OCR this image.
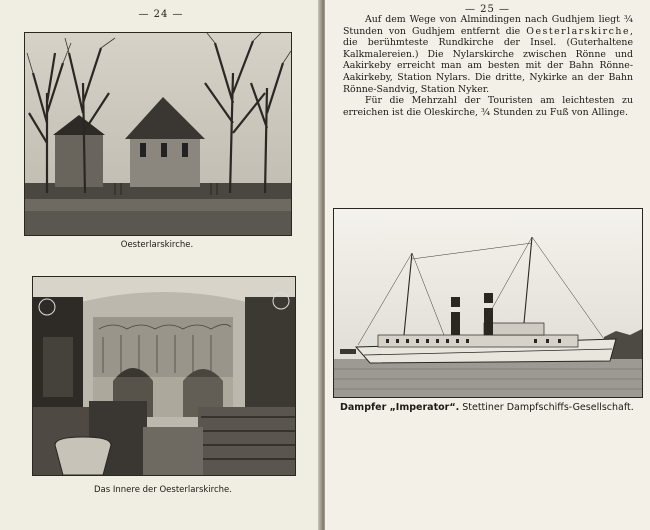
— 24 —
Oesterlarskirche.
Das Innere der Oesterlarskirche.
— 25 —

Auf dem Wege von Almindingen nach Gudhjem liegt ¾ Stunden von Gudhjem entfernt die Oesterlarskirche, die berühmteste Rundkirche der Insel. (Guterhaltene Kalkmalereien.) Die Nylarskirche zwischen Rönne und Aakirkeby erreicht man am besten mit der Bahn Rönne-Aakirkeby, Station Nylars. Die dritte, Nykirke an der Bahn Rönne-Sandvig, Station Nyker.

Für die Mehrzahl der Touristen am leichtesten zu erreichen ist die Oleskirche, ¾ Stunden zu Fuß von Allinge.

Dampfer „Imperator“. Stettiner Dampfschiffs-Gesellschaft.
